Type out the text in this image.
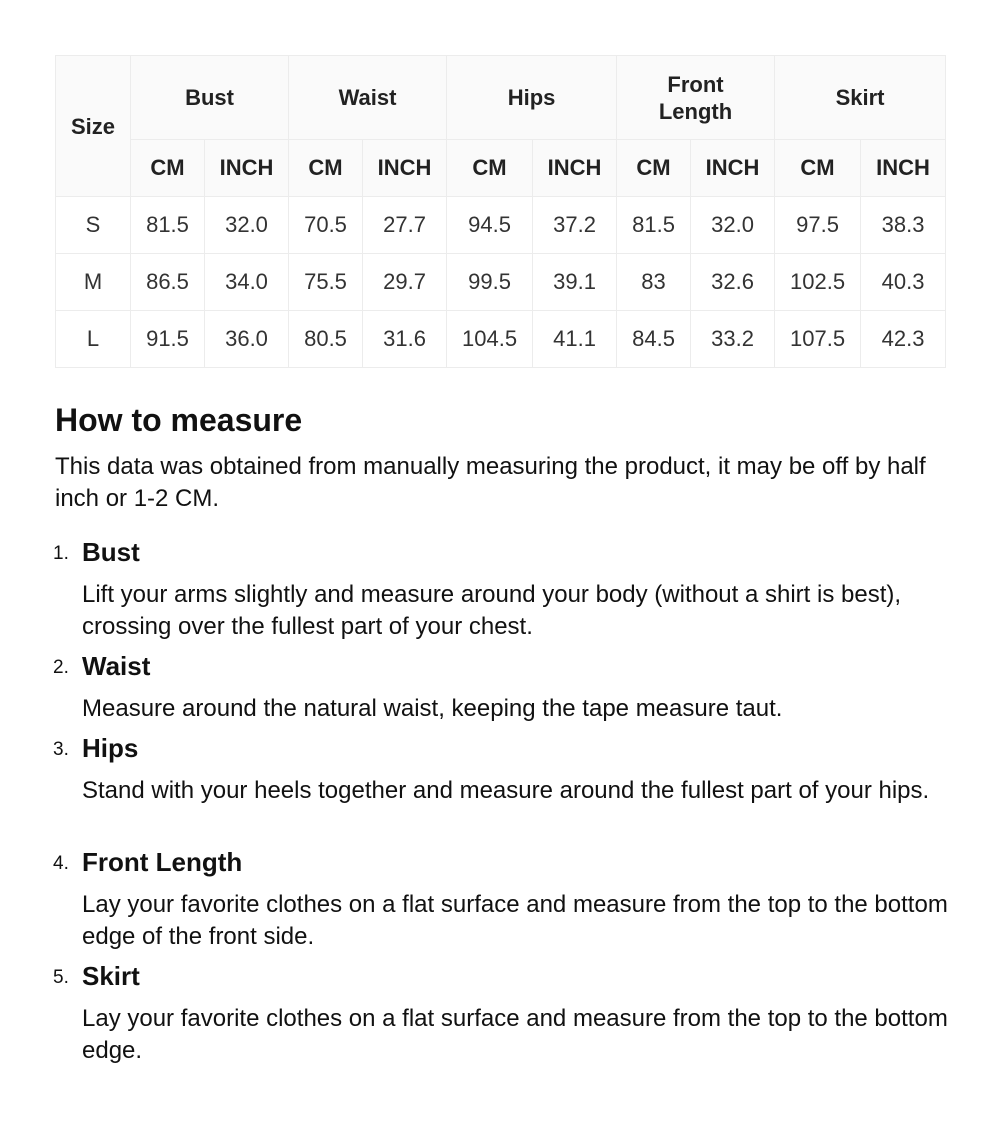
Size	Bust		Waist		Hips		Front Length		Skirt	
	CM	INCH	CM	INCH	CM	INCH	CM	INCH	CM	INCH
S	81.5	32.0	70.5	27.7	94.5	37.2	81.5	32.0	97.5	38.3
M	86.5	34.0	75.5	29.7	99.5	39.1	83	32.6	102.5	40.3
L	91.5	36.0	80.5	31.6	104.5	41.1	84.5	33.2	107.5	42.3
How to measure

This data was obtained from manually measuring the product, it may be off by half inch or 1-2 CM.

1. Bust
Lift your arms slightly and measure around your body (without a shirt is best), crossing over the fullest part of your chest.
2. Waist
Measure around the natural waist, keeping the tape measure taut.
3. Hips
Stand with your heels together and measure around the fullest part of your hips.
4. Front Length
Lay your favorite clothes on a flat surface and measure from the top to the bottom edge of the front side.
5. Skirt
Lay your favorite clothes on a flat surface and measure from the top to the bottom edge.
